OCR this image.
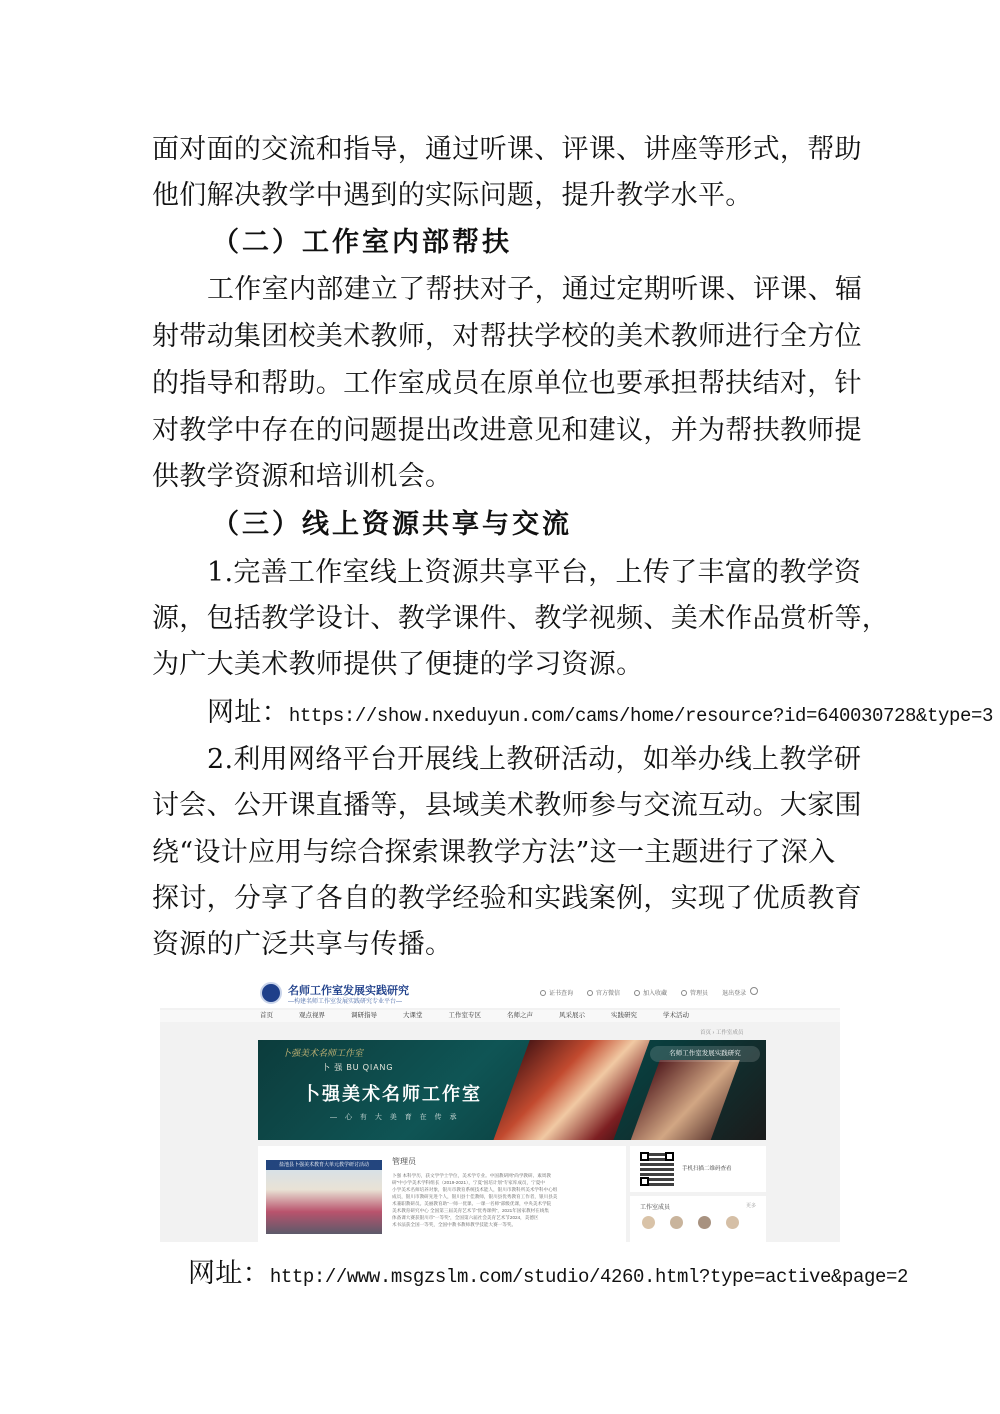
面对面的交流和指导，通过听课、评课、讲座等形式，帮助
他们解决教学中遇到的实际问题，提升教学水平。
（二）工作室内部帮扶
工作室内部建立了帮扶对子，通过定期听课、评课、辐
射带动集团校美术教师，对帮扶学校的美术教师进行全方位
的指导和帮助。工作室成员在原单位也要承担帮扶结对，针
对教学中存在的问题提出改进意见和建议，并为帮扶教师提
供教学资源和培训机会。
（三）线上资源共享与交流
1.完善工作室线上资源共享平台，上传了丰富的教学资
源，包括教学设计、教学课件、教学视频、美术作品赏析等，
为广大美术教师提供了便捷的学习资源。
网址：https://show.nxeduyun.com/cams/home/resource?id=640030728&type=3
2.利用网络平台开展线上教研活动，如举办线上教学研
讨会、公开课直播等，县域美术教师参与交流互动。大家围
绕“设计应用与综合探索课教学方法”这一主题进行了深入
探讨，分享了各自的教学经验和实践案例，实现了优质教育
资源的广泛共享与传播。
名师工作室发展实践研究
—构建名师工作室发展实践研究专业平台—
证书查询	官方微信	加入收藏	管理员 退出登录
首页	观点视界	调研指导	大课堂	工作室专区	名师之声	风采展示	实践研究	学术活动
首页 › 工作室成员
卜强美术名师工作室
卜 强 BU QIANG
卜强美术名师工作室
— 心 有 大 美 育 在 传 承
名师工作室发展实践研究
盐池县卜强美术教育大单元教学研讨活动	管理员
卜强 本科学历，获文学学士学位，美术学专业。中国教研网“尚学教研、素周教
研”中小学美术学科组长（2019-2021），宁夏“国培计划”专家库成员，宁夏中
小学美术名师培养对象，银川市教育系统技术能人，银川市教科所美术学科中心组
成员，银川市教研先进个人，银川县十佳教师，银川县优秀教育工作者，银川县美
术兼职教研员。美丽教育助“一师一优课、一课一名师”部级优课，中央美术学院
美术教育研究中心 全国第三届美育艺术节“优秀课例”，2021年国家教材在线集
体备课大赛获银川市“一等奖”，全国第六届社会美育艺术节2024，美德区
术书法获全国一等奖，全国中教书教师教学技能大赛一等奖。
手机扫描二维码查看
工作室成员	更多
网址：http://www.msgzslm.com/studio/4260.html?type=active&page=2
